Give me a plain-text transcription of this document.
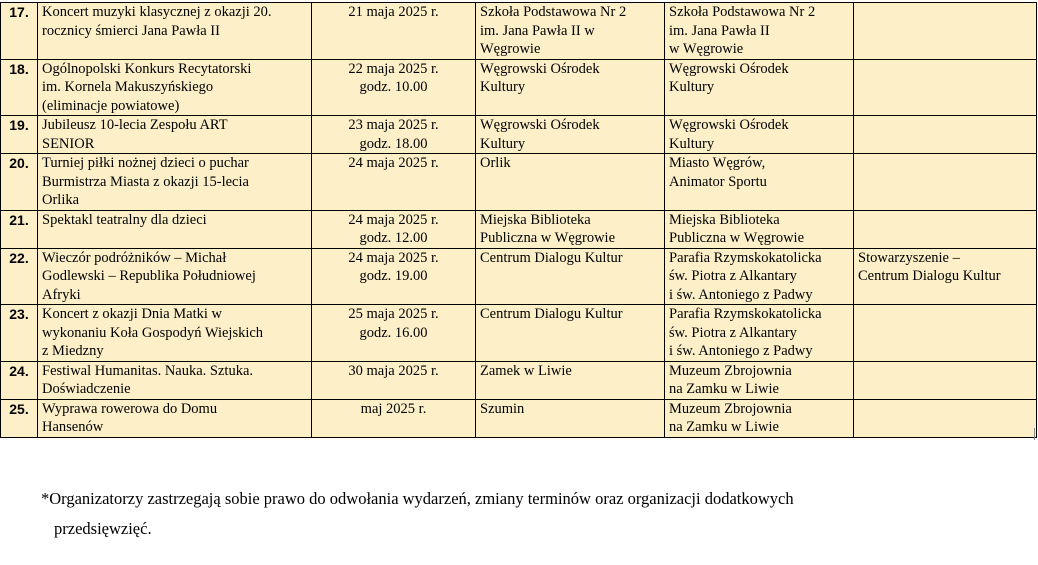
17.	Koncert muzyki klasycznej z okazji 20.
rocznicy śmierci Jana Pawła II	21 maja 2025 r.	Szkoła Podstawowa Nr 2
im. Jana Pawła II w
Węgrowie	Szkoła Podstawowa Nr 2
im. Jana Pawła II
w Węgrowie	

18.	Ogólnopolski Konkurs Recytatorski
im. Kornela Makuszyńskiego
(eliminacje powiatowe)	22 maja 2025 r.
godz. 10.00	Węgrowski Ośrodek
Kultury	Węgrowski Ośrodek
Kultury	

19.	Jubileusz 10-lecia Zespołu ART
SENIOR	23 maja 2025 r.
godz. 18.00	Węgrowski Ośrodek
Kultury	Węgrowski Ośrodek
Kultury	

20.	Turniej piłki nożnej dzieci o puchar
Burmistrza Miasta z okazji 15-lecia
Orlika	24 maja 2025 r.	Orlik	Miasto Węgrów,
Animator Sportu	

21.	Spektakl teatralny dla dzieci	24 maja 2025 r.
godz. 12.00	Miejska Biblioteka
Publiczna w Węgrowie	Miejska Biblioteka
Publiczna w Węgrowie	

22.	Wieczór podróżników – Michał
Godlewski – Republika Południowej
Afryki	24 maja 2025 r.
godz. 19.00	Centrum Dialogu Kultur	Parafia Rzymskokatolicka
św. Piotra z Alkantary
i św. Antoniego z Padwy	Stowarzyszenie –
Centrum Dialogu Kultur

23.	Koncert z okazji Dnia Matki w
wykonaniu Koła Gospodyń Wiejskich
z Miedzny	25 maja 2025 r.
godz. 16.00	Centrum Dialogu Kultur	Parafia Rzymskokatolicka
św. Piotra z Alkantary
i św. Antoniego z Padwy	

24.	Festiwal Humanitas. Nauka. Sztuka.
Doświadczenie	30 maja 2025 r.	Zamek w Liwie	Muzeum Zbrojownia
na Zamku w Liwie	

25.	Wyprawa rowerowa do Domu
Hansenów	maj 2025 r.	Szumin	Muzeum Zbrojownia
na Zamku w Liwie	

*Organizatorzy zastrzegają sobie prawo do odwołania wydarzeń, zmiany terminów oraz organizacji dodatkowych
przedsięwzięć.
